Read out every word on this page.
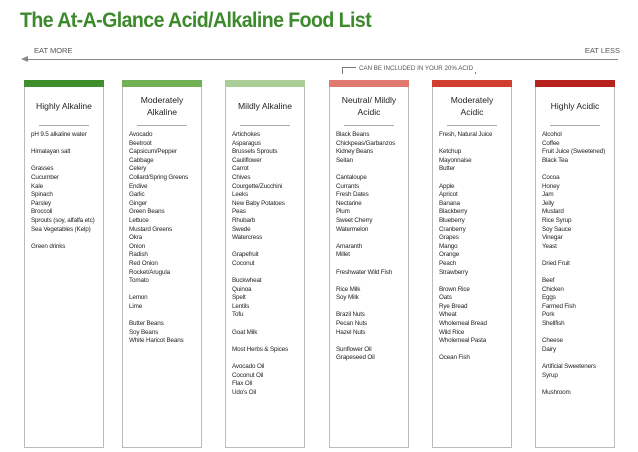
The At-A-Glance Acid/Alkaline Food List
EAT MORE	EAT LESS
CAN BE INCLUDED IN YOUR 20% ACID
Highly Alkaline
pH 9.5 alkaline water
Himalayan salt
Grasses
Cucumber
Kale
Spinach
Parsley
Broccoli
Sprouts (soy, alfalfa etc)
Sea Vegetables (Kelp)
Green drinks
Moderately Alkaline
Avocado
Beetroot
Capsicum/Pepper
Cabbage
Celery
Collard/Spring Greens
Endive
Garlic
Ginger
Green Beans
Lettuce
Mustard Greens
Okra
Onion
Radish
Red Onion
Rocket/Arugula
Tomato
Lemon
Lime
Butter Beans
Soy Beans
White Haricot Beans
Mildly Alkaline
Artichokes
Asparagus
Brussels Sprouts
Cauliflower
Carrot
Chives
Courgette/Zucchini
Leeks
New Baby Potatoes
Peas
Rhubarb
Swede
Watercress
Grapefruit
Coconut
Buckwheat
Quinoa
Spelt
Lentils
Tofu
Goat Milk
Most Herbs & Spices
Avocado Oil
Coconut Oil
Flax Oil
Udo's Oil
Neutral/ Mildly Acidic
Black Beans
Chickpeas/Garbanzos
Kidney Beans
Seitan
Cantaloupe
Currants
Fresh Dates
Nectarine
Plum
Sweet Cherry
Watermelon
Amaranth
Millet
Freshwater Wild Fish
Rice Milk
Soy Milk
Brazil Nuts
Pecan Nuts
Hazel Nuts
Sunflower Oil
Grapeseed Oil
Moderately Acidic
Fresh, Natural Juice
Ketchup
Mayonnaise
Butter
Apple
Apricot
Banana
Blackberry
Blueberry
Cranberry
Grapes
Mango
Orange
Peach
Strawberry
Brown Rice
Oats
Rye Bread
Wheat
Wholemeal Bread
Wild Rice
Wholemeal Pasta
Ocean Fish
Highly Acidic
Alcohol
Coffee
Fruit Juice (Sweetened)
Black Tea
Cocoa
Honey
Jam
Jelly
Mustard
Rice Syrup
Soy Sauce
Vinegar
Yeast
Dried Fruit
Beef
Chicken
Eggs
Farmed Fish
Pork
Shellfish
Cheese
Dairy
Artificial Sweeteners
Syrup
Mushroom
